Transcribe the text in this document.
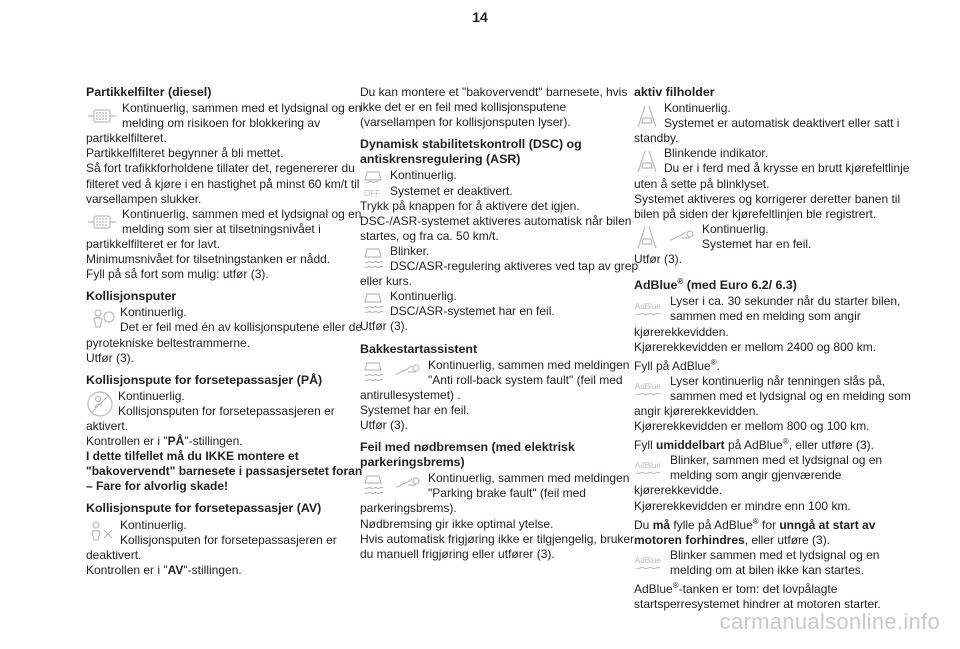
14
Partikkelfilter (diesel)
Kontinuerlig, sammen med et lydsignal og en melding om risikoen for blokkering av partikkelfilteret.
Partikkelfilteret begynner å bli mettet.
Så fort trafikkforholdene tillater det, regenererer du filteret ved å kjøre i en hastighet på minst 60 km/t til varsellampen slukker.
Kontinuerlig, sammen med et lydsignal og en melding som sier at tilsetningsnivået i partikkelfilteret er for lavt.
Minimumsnivået for tilsetningstanken er nådd.
Fyll på så fort som mulig: utfør (3).
Kollisjonsputer
Kontinuerlig.
Det er feil med én av kollisjonsputene eller de pyrotekniske beltestrammerne.
Utfør (3).
Kollisjonspute for forsetepassasjer (PÅ)
Kontinuerlig.
Kollisjonsputen for forsetepassasjeren er aktivert.
Kontrollen er i "PÅ"-stillingen.
I dette tilfellet må du IKKE montere et "bakovervendt" barnesete i passasjersetet foran – Fare for alvorlig skade!
Kollisjonspute for forsetepassasjer (AV)
Kontinuerlig.
Kollisjonsputen for forsetepassasjeren er deaktivert.
Kontrollen er i "AV"-stillingen.
Du kan montere et "bakovervendt" barnesete, hvis ikke det er en feil med kollisjonsputene (varsellampen for kollisjonsputen lyser).
Dynamisk stabilitetskontroll (DSC) og antiskrensregulering (ASR)
OFF
Kontinuerlig.
Systemet er deaktivert.
Trykk på knappen for å aktivere det igjen.
DSC-/ASR-systemet aktiveres automatisk når bilen startes, og fra ca. 50 km/t.
Blinker.
DSC/ASR-regulering aktiveres ved tap av grep eller kurs.
Kontinuerlig.
DSC/ASR-systemet har en feil.
Utfør (3).
Bakkestartassistent
Kontinuerlig, sammen med meldingen "Anti roll-back system fault" (feil med antirullesystemet) .
Systemet har en feil.
Utfør (3).
Feil med nødbremsen (med elektrisk parkeringsbrems)
Kontinuerlig, sammen med meldingen "Parking brake fault" (feil med parkeringsbrems).
Nødbremsing gir ikke optimal ytelse.
Hvis automatisk frigjøring ikke er tilgjengelig, bruker du manuell frigjøring eller utfører (3).
aktiv filholder
Kontinuerlig.
Systemet er automatisk deaktivert eller satt i standby.
Blinkende indikator.
Du er i ferd med å krysse en brutt kjørefeltlinje uten å sette på blinklyset.
Systemet aktiveres og korrigerer deretter banen til bilen på siden der kjørefeltlinjen ble registrert.
Kontinuerlig.
Systemet har en feil.
Utfør (3).
AdBlue® (med Euro 6.2/ 6.3)
AdBlue Lyser i ca. 30 sekunder når du starter bilen, sammen med en melding som angir kjørerekkevidden.
Kjørerekkevidden er mellom 2400 og 800 km.
Fyll på AdBlue®.
AdBlue Lyser kontinuerlig når tenningen slås på, sammen med et lydsignal og en melding som angir kjørerekkevidden.
Kjørerekkevidden er mellom 800 og 100 km.
Fyll umiddelbart på AdBlue®, eller utføre (3).
AdBlue Blinker, sammen med et lydsignal og en melding som angir gjenværende kjørerekkevidde.
Kjørerekkevidden er mindre enn 100 km.
Du må fylle på AdBlue® for unngå at start av motoren forhindres, eller utføre (3).
AdBlue Blinker sammen med et lydsignal og en melding om at bilen ikke kan startes.
AdBlue®-tanken er tom: det lovpålagte startsperresystemet hindrer at motoren starter.
carmanualsonline.info
